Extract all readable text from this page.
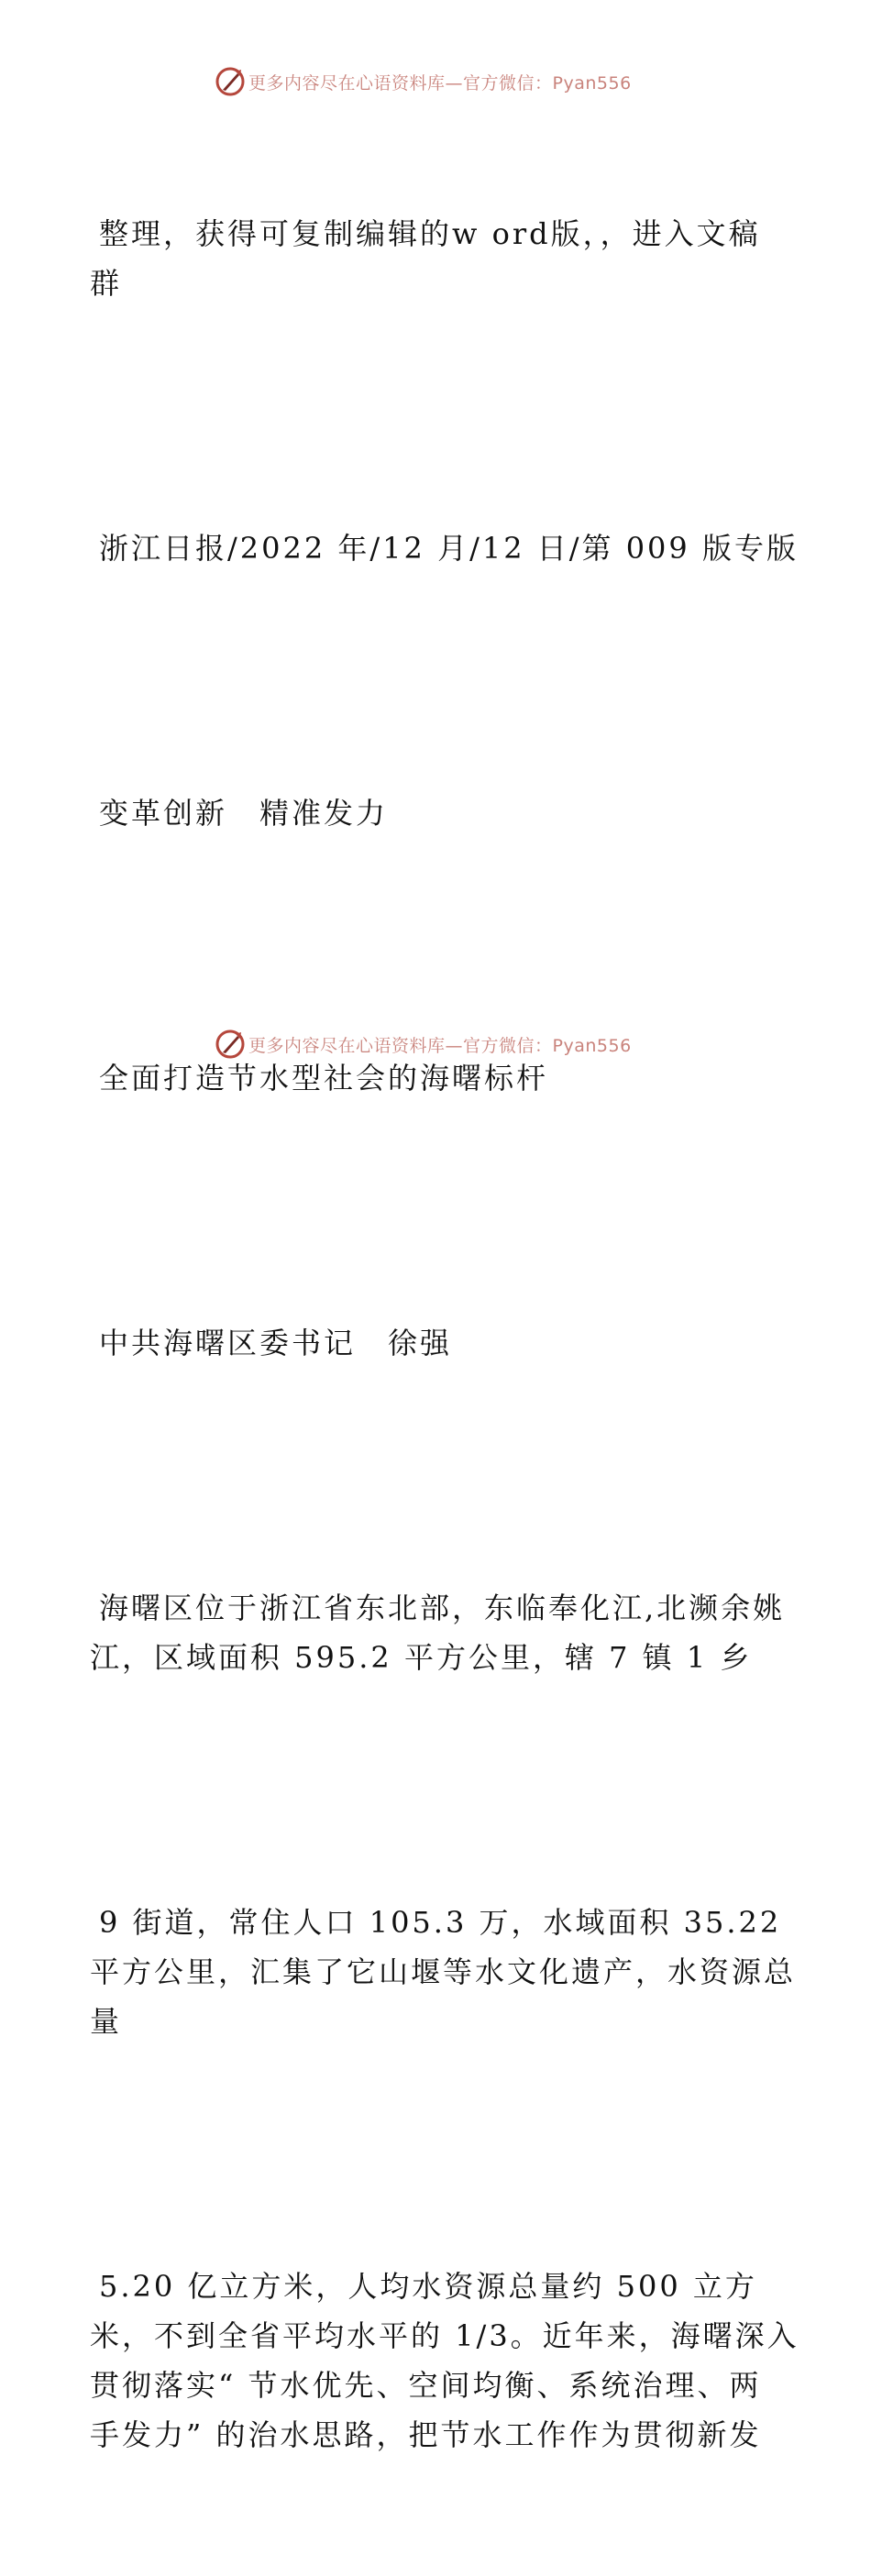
更多内容尽在心语资料库—官方微信：Pyan556

整理，获得可复制编辑的w ord版，，进入文稿
群

浙江日报/2022 年/12 月/12 日/第 009 版专版

变革创新　精准发力

全面打造节水型社会的海曙标杆

中共海曙区委书记　徐强

海曙区位于浙江省东北部，东临奉化江,北濒余姚
江，区域面积 595.2 平方公里，辖 7 镇 1 乡

9 街道，常住人口 105.3 万，水域面积 35.22
平方公里，汇集了它山堰等水文化遗产，水资源总
量

5.20 亿立方米，人均水资源总量约 500 立方
米，不到全省平均水平的 1/3。近年来，海曙深入
贯彻落实“ 节水优先、空间均衡、系统治理、两
手发力” 的治水思路，把节水工作作为贯彻新发

更多内容尽在心语资料库—官方微信：Pyan556
